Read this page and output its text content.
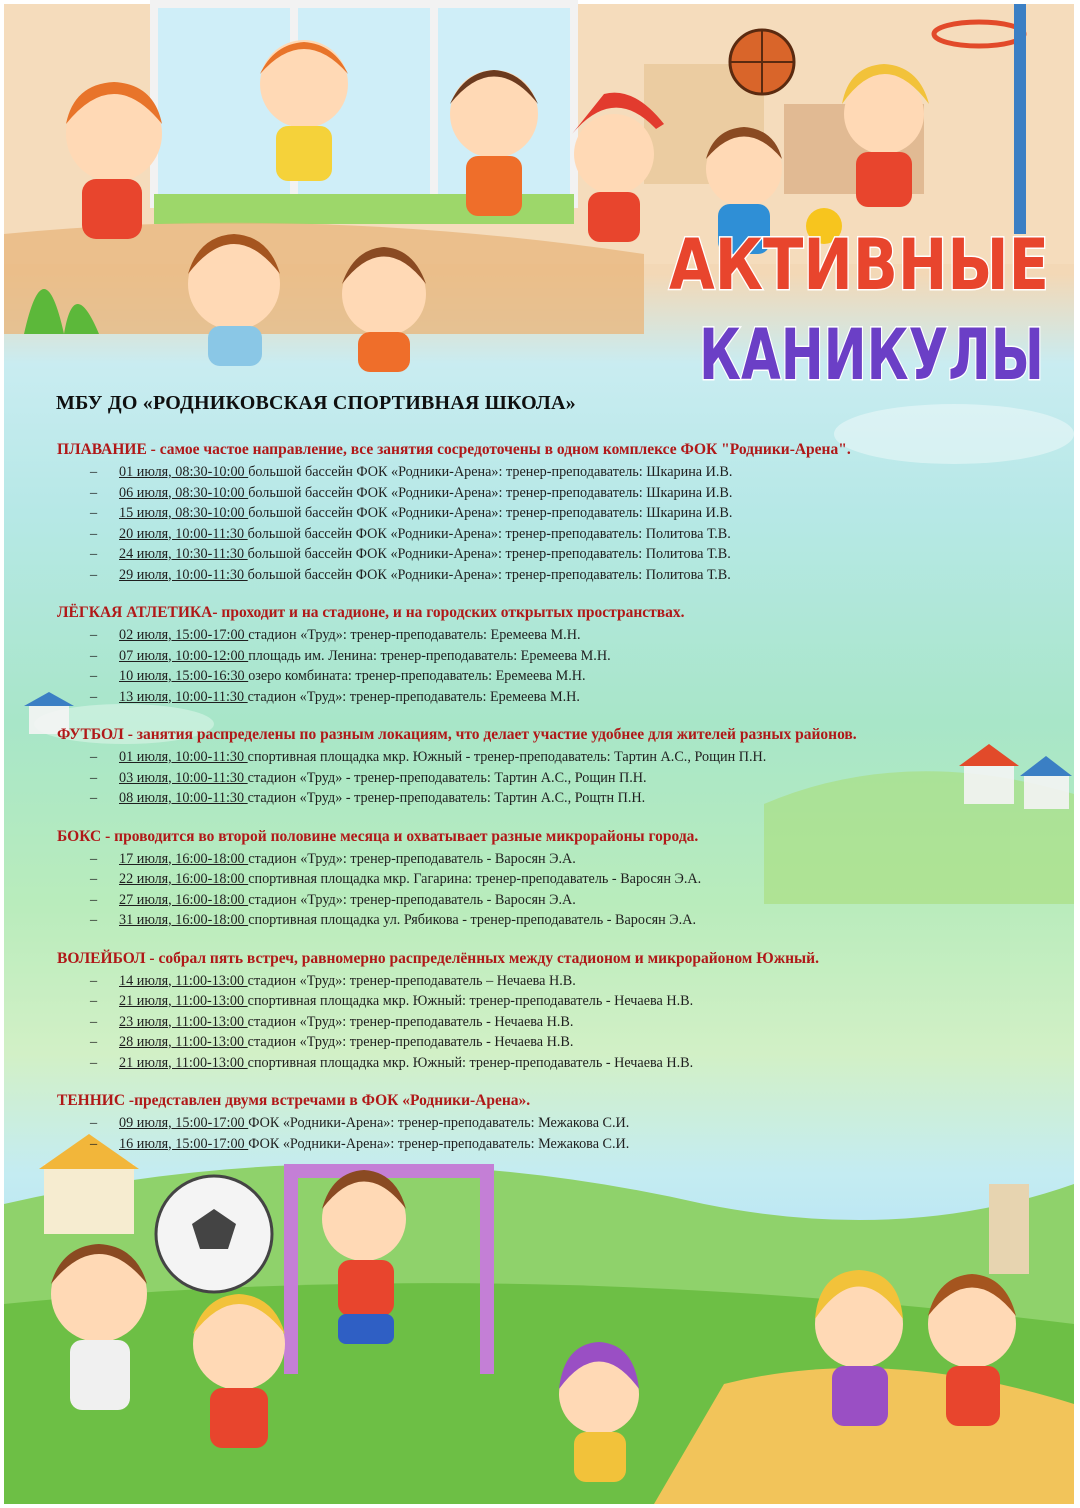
АКТИВНЫЕ
КАНИКУЛЫ
МБУ ДО «РОДНИКОВСКАЯ СПОРТИВНАЯ ШКОЛА»
ПЛАВАНИЕ - самое частое направление, все занятия сосредоточены в одном комплексе ФОК "Родники-Арена".
–	01 июля, 08:30-10:00 большой бассейн ФОК «Родники-Арена»: тренер-преподаватель: Шкарина И.В.
–	06 июля, 08:30-10:00 большой бассейн ФОК «Родники-Арена»: тренер-преподаватель: Шкарина И.В.
–	15 июля, 08:30-10:00 большой бассейн ФОК «Родники-Арена»: тренер-преподаватель: Шкарина И.В.
–	20 июля, 10:00-11:30 большой бассейн ФОК «Родники-Арена»: тренер-преподаватель: Политова Т.В.
–	24 июля, 10:30-11:30 большой бассейн ФОК «Родники-Арена»: тренер-преподаватель: Политова Т.В.
–	29 июля, 10:00-11:30 большой бассейн ФОК «Родники-Арена»: тренер-преподаватель: Политова Т.В.
ЛЁГКАЯ АТЛЕТИКА- проходит и на стадионе, и на городских открытых пространствах.
–	02 июля, 15:00-17:00 стадион «Труд»: тренер-преподаватель: Еремеева М.Н.
–	07 июля, 10:00-12:00 площадь им. Ленина: тренер-преподаватель: Еремеева М.Н.
–	10 июля, 15:00-16:30 озеро комбината: тренер-преподаватель: Еремеева М.Н.
–	13 июля, 10:00-11:30 стадион «Труд»: тренер-преподаватель: Еремеева М.Н.
ФУТБОЛ - занятия распределены по разным локациям, что делает участие удобнее для жителей разных районов.
–	01 июля, 10:00-11:30 спортивная площадка мкр. Южный - тренер-преподаватель: Тартин А.С., Рощин П.Н.
–	03 июля, 10:00-11:30 стадион «Труд» - тренер-преподаватель: Тартин А.С., Рощин П.Н.
–	08 июля, 10:00-11:30 стадион «Труд» - тренер-преподаватель: Тартин А.С., Рощтн П.Н.
БОКС - проводится во второй половине месяца и охватывает разные микрорайоны города.
–	17 июля, 16:00-18:00 стадион «Труд»: тренер-преподаватель - Варосян Э.А.
–	22 июля, 16:00-18:00 спортивная площадка мкр. Гагарина: тренер-преподаватель - Варосян Э.А.
–	27 июля, 16:00-18:00 стадион «Труд»: тренер-преподаватель - Варосян Э.А.
–	31 июля, 16:00-18:00 спортивная площадка ул. Рябикова - тренер-преподаватель - Варосян Э.А.
ВОЛЕЙБОЛ - собрал пять встреч, равномерно распределённых между стадионом и микрорайоном Южный.
–	14 июля, 11:00-13:00 стадион «Труд»: тренер-преподаватель – Нечаева Н.В.
–	21 июля, 11:00-13:00 спортивная площадка мкр. Южный: тренер-преподаватель - Нечаева Н.В.
–	23 июля, 11:00-13:00 стадион «Труд»: тренер-преподаватель - Нечаева Н.В.
–	28 июля, 11:00-13:00 стадион «Труд»: тренер-преподаватель - Нечаева Н.В.
–	21 июля, 11:00-13:00 спортивная площадка мкр. Южный: тренер-преподаватель - Нечаева Н.В.
ТЕННИС -представлен двумя встречами в ФОК «Родники-Арена».
–	09 июля, 15:00-17:00 ФОК «Родники-Арена»: тренер-преподаватель: Межакова С.И.
–	16 июля, 15:00-17:00 ФОК «Родники-Арена»: тренер-преподаватель: Межакова С.И.
